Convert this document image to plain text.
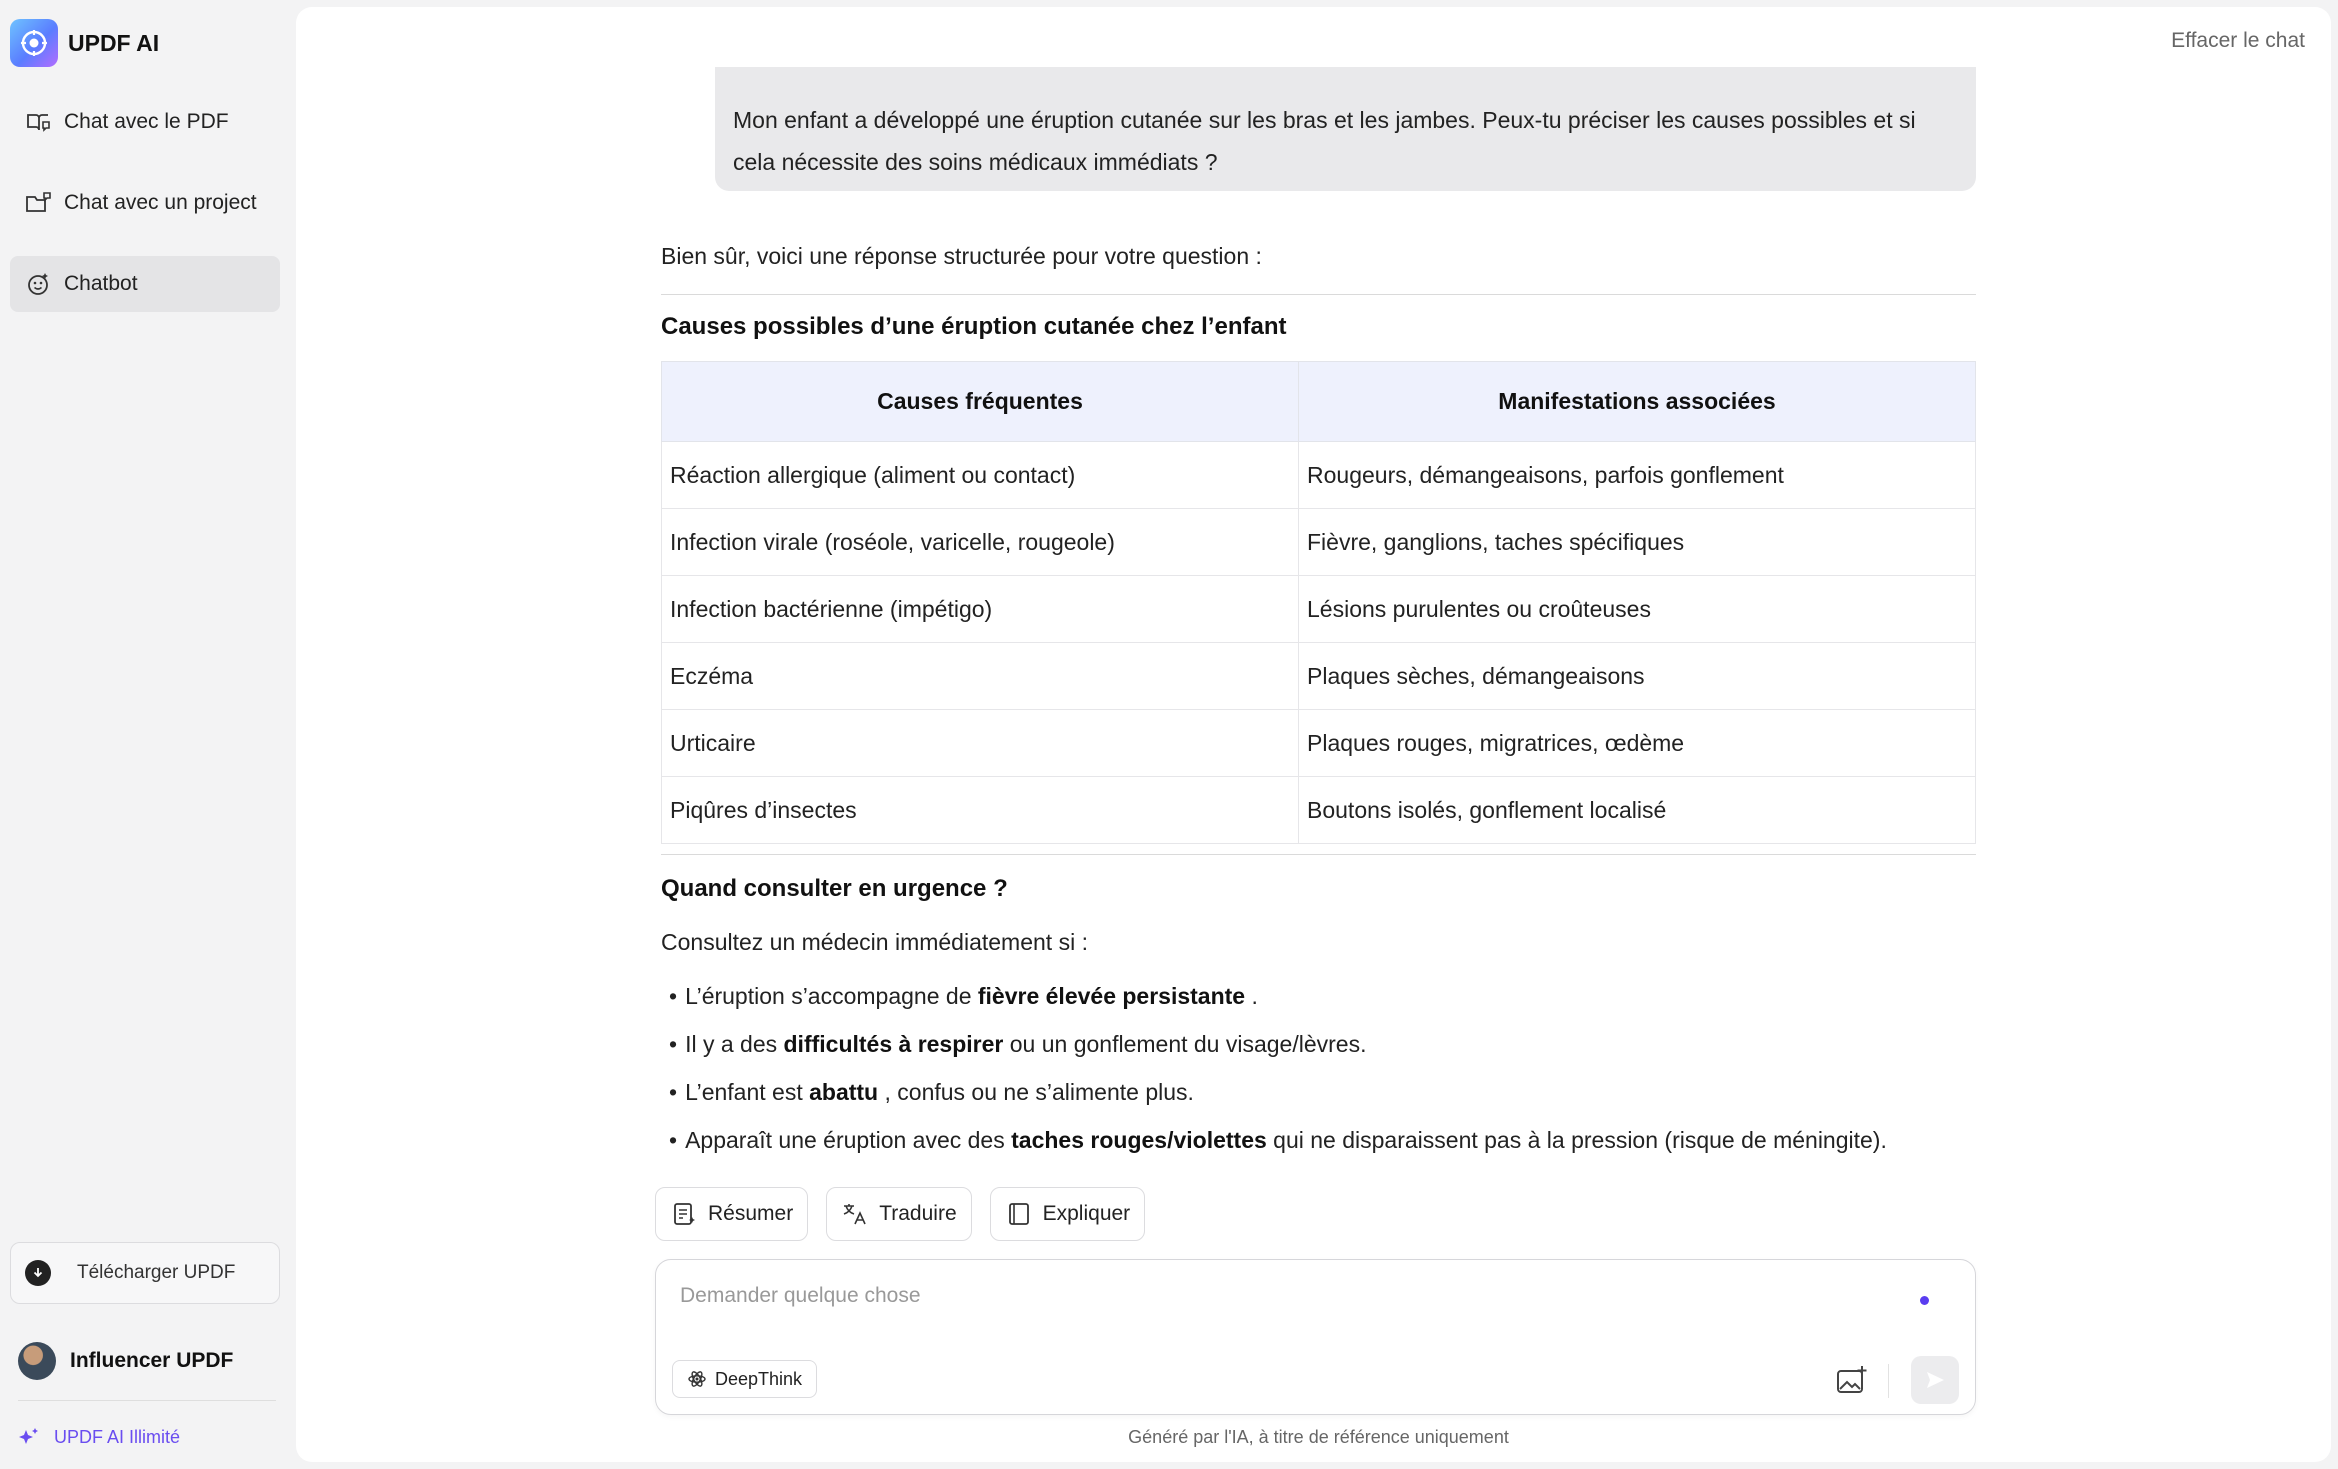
UPDF AI
Chat avec le PDF
Chat avec un project
Chatbot
Télécharger UPDF
Influencer UPDF
UPDF AI Illimité
Effacer le chat
Mon enfant a développé une éruption cutanée sur les bras et les jambes. Peux-tu préciser les causes possibles et si cela nécessite des soins médicaux immédiats ?
Bien sûr, voici une réponse structurée pour votre question :
Causes possibles d’une éruption cutanée chez l’enfant
Causes fréquentes	Manifestations associées
Réaction allergique (aliment ou contact)	Rougeurs, démangeaisons, parfois gonflement
Infection virale (roséole, varicelle, rougeole)	Fièvre, ganglions, taches spécifiques
Infection bactérienne (impétigo)	Lésions purulentes ou croûteuses
Eczéma	Plaques sèches, démangeaisons
Urticaire	Plaques rouges, migratrices, œdème
Piqûres d’insectes	Boutons isolés, gonflement localisé
Quand consulter en urgence ?
Consultez un médecin immédiatement si :
• L’éruption s’accompagne de fièvre élevée persistante .
• Il y a des difficultés à respirer ou un gonflement du visage/lèvres.
• L’enfant est abattu , confus ou ne s’alimente plus.
• Apparaît une éruption avec des taches rouges/violettes qui ne disparaissent pas à la pression (risque de méningite).
Résumer	Traduire	Expliquer
Demander quelque chose
DeepThink
Généré par l'IA, à titre de référence uniquement
